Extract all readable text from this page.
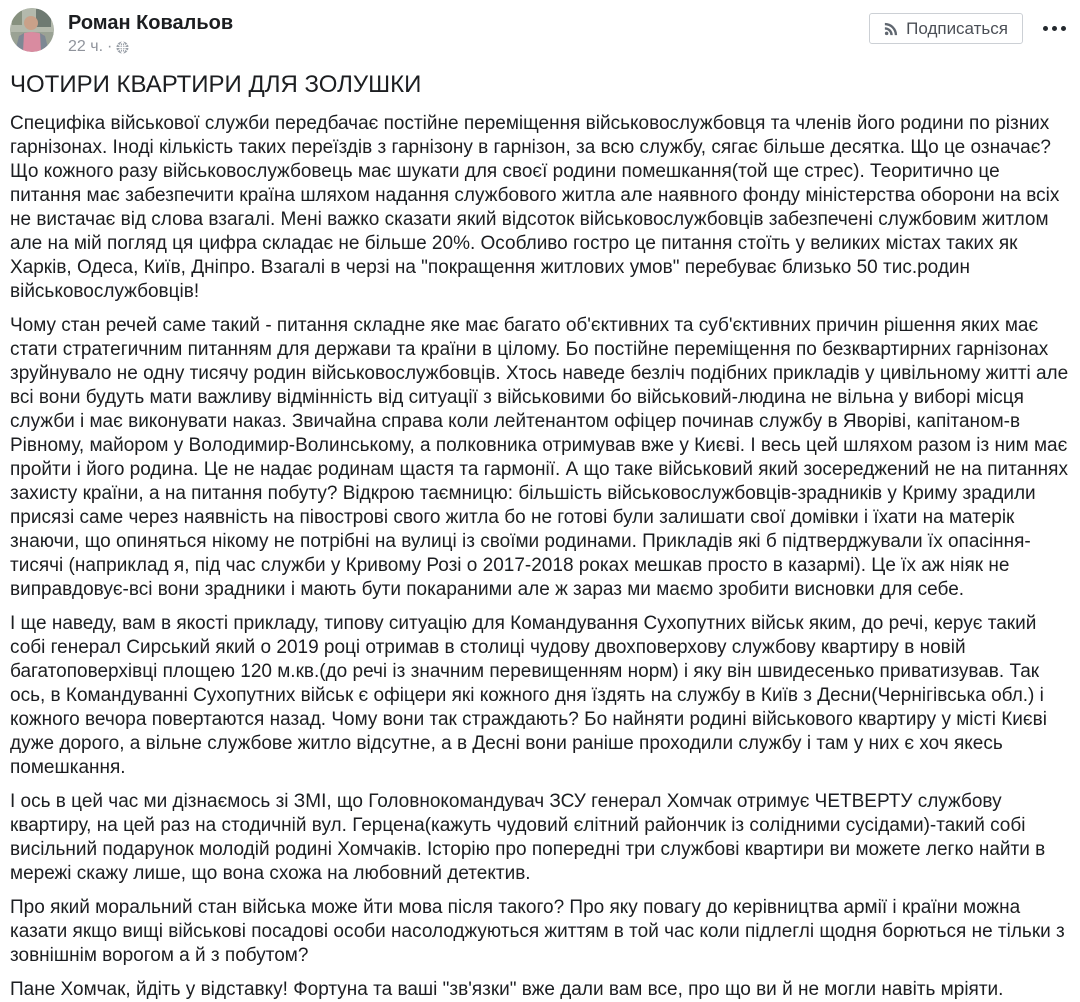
Роман Ковальов
22 ч. ·
Подписаться

ЧОТИРИ КВАРТИРИ ДЛЯ ЗОЛУШКИ

Специфіка військової служби передбачає постійне переміщення військовослужбовця та членів його родини по різних гарнізонах. Іноді кількість таких переїздів з гарнізону в гарнізон, за всю службу, сягає більше десятка. Що це означає? Що кожного разу військовослужбовець має шукати для своєї родини помешкання(той ще стрес). Теоритично це питання має забезпечити країна шляхом надання службового житла але наявного фонду міністерства оборони на всіх не вистачає від слова взагалі. Мені важко сказати який відсоток військовослужбовців забезпечені службовим житлом але на мій погляд ця цифра складає не більше 20%. Особливо гостро це питання стоїть у великих містах таких як Харків, Одеса, Київ, Дніпро. Взагалі в черзі на "покращення житлових умов" перебуває близько 50 тис.родин військовослужбовців!

Чому стан речей саме такий - питання складне яке має багато об'єктивних та суб'єктивних причин рішення яких має стати стратегичним питанням для держави та країни в цілому. Бо постійне переміщення по безквартирних гарнізонах зруйнувало не одну тисячу родин військовослужбовців. Хтось наведе безліч подібних прикладів у цивільному житті але всі вони будуть мати важливу відмінність від ситуації з військовими бо військовий-людина не вільна у виборі місця служби і має виконувати наказ. Звичайна справа коли лейтенантом офіцер починав службу в Яворіві, капітаном-в Рівному, майором у Володимир-Волинському, а полковника отримував вже у Києві. І весь цей шляхом разом із ним має пройти і його родина. Це не надає родинам щастя та гармонії. А що таке військовий який зосереджений не на питаннях захисту країни, а на питання побуту? Відкрою таємницю: більшість військовослужбовців-зрадників у Криму зрадили присязі саме через наявність на півострові свого житла бо не готові були залишати свої домівки і їхати на матерік знаючи, що опиняться нікому не потрібні на вулиці із своїми родинами. Прикладів які б підтверджували їх опасіння-тисячі (наприклад я, під час служби у Кривому Розі о 2017-2018 роках мешкав просто в казармі). Це їх аж ніяк не виправдовує-всі вони зрадники і мають бути покараними але ж зараз ми маємо зробити висновки для себе.

І ще наведу, вам в якості прикладу, типову ситуацію для Командування Сухопутних військ яким, до речі, керує такий собі генерал Сирський який о 2019 році отримав в столиці чудову двохповерхову службову квартиру в новій багатоповерхівці площею 120 м.кв.(до речі із значним перевищенням норм) і яку він швидесенько приватизував. Так ось, в Командуванні Сухопутних військ є офіцери які кожного дня їздять на службу в Київ з Десни(Чернігівська обл.) і кожного вечора повертаются назад. Чому вони так страждають? Бо найняти родині військового квартиру у місті Києві дуже дорого, а вільне службове житло відсутне, а в Десні вони раніше проходили службу і там у них є хоч якесь помешкання.

І ось в цей час ми дізнаємось зі ЗМІ, що Головнокомандувач ЗСУ генерал Хомчак отримує ЧЕТВЕРТУ службову квартиру, на цей раз на стодичній вул. Герцена(кажуть чудовий єлітний райончик із солідними сусідами)-такий собі висільний подарунок молодій родині Хомчаків. Історію про попередні три службові квартири ви можете легко найти в мережі скажу лише, що вона схожа на любовний детектив.

Про який моральний стан війська може йти мова після такого? Про яку повагу до керівництва армії і країни можна казати якщо вищі військові посадові особи насолоджуються життям в той час коли підлеглі щодня борються не тільки з зовнішнім ворогом а й з побутом?

Пане Хомчак, йдіть у відставку! Фортуна та ваші "зв'язки" вже дали вам все, про що ви й не могли навіть мріяти.
